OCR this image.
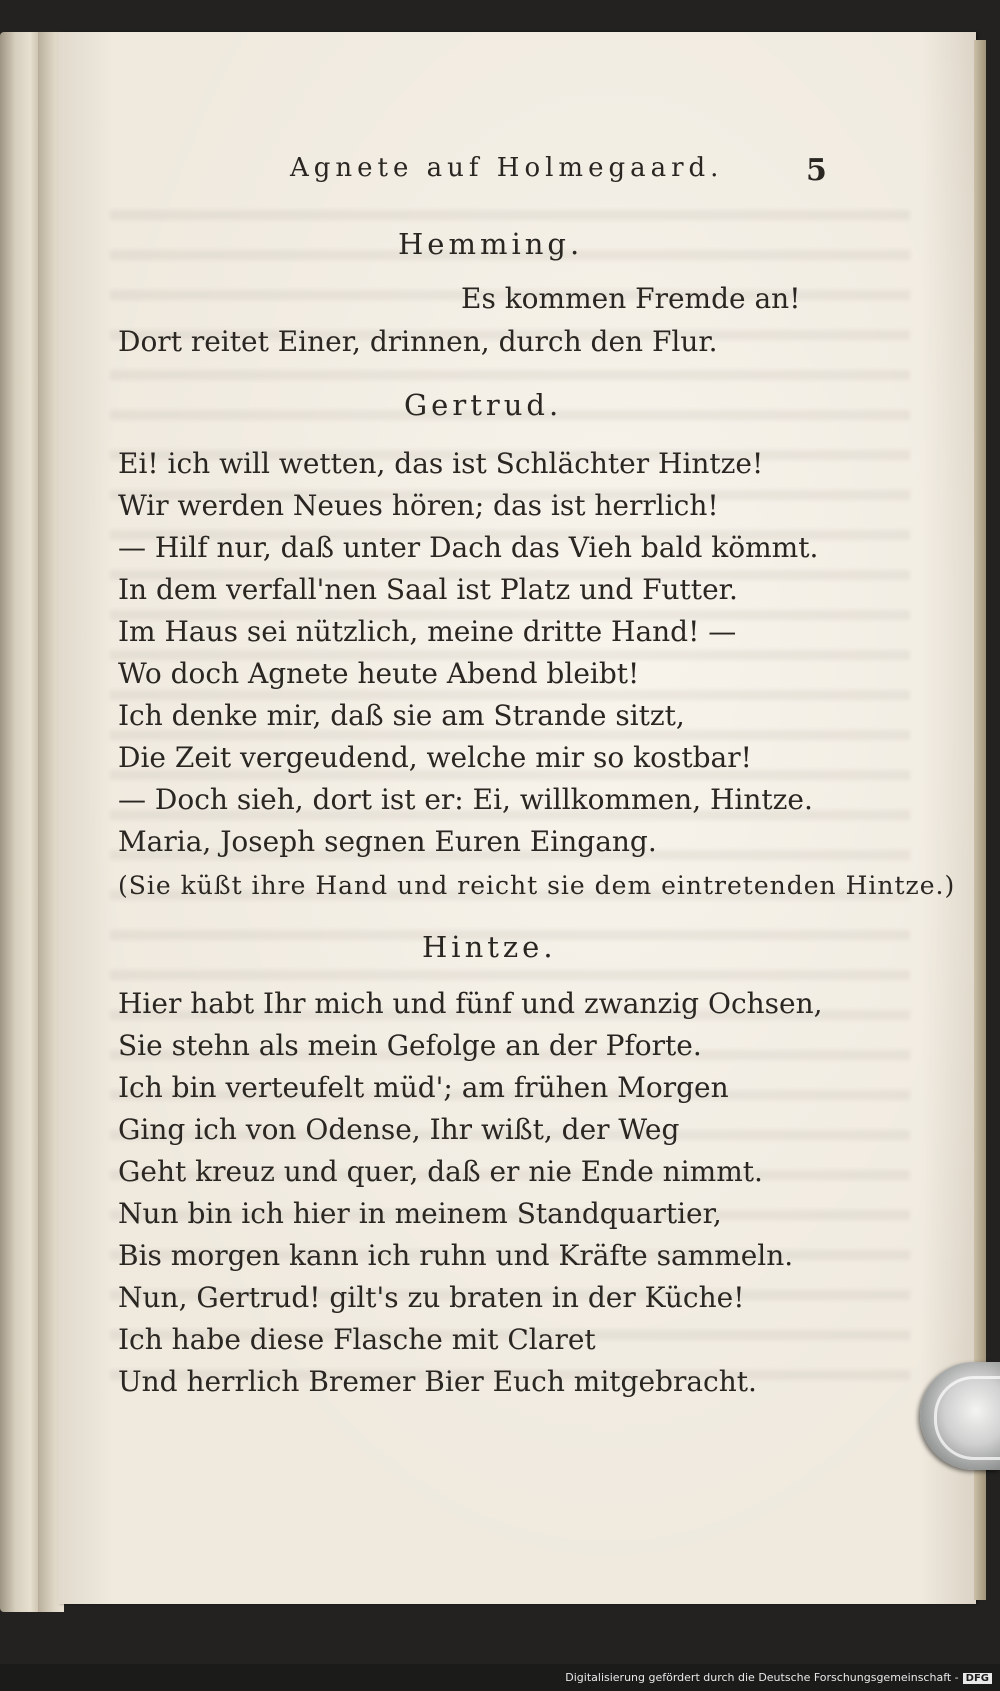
Agnete auf Holmegaard.	5
Hemming.
Es kommen Fremde an!
Dort reitet Einer, drinnen, durch den Flur.
Gertrud.
Ei! ich will wetten, das ist Schlächter Hintze!
Wir werden Neues hören; das ist herrlich!
— Hilf nur, daß unter Dach das Vieh bald kömmt.
In dem verfall'nen Saal ist Platz und Futter.
Im Haus sei nützlich, meine dritte Hand! —
Wo doch Agnete heute Abend bleibt!
Ich denke mir, daß sie am Strande sitzt,
Die Zeit vergeudend, welche mir so kostbar!
— Doch sieh, dort ist er: Ei, willkommen, Hintze.
Maria, Joseph segnen Euren Eingang.
(Sie küßt ihre Hand und reicht sie dem eintretenden Hintze.)
Hintze.
Hier habt Ihr mich und fünf und zwanzig Ochsen,
Sie stehn als mein Gefolge an der Pforte.
Ich bin verteufelt müd'; am frühen Morgen
Ging ich von Odense, Ihr wißt, der Weg
Geht kreuz und quer, daß er nie Ende nimmt.
Nun bin ich hier in meinem Standquartier,
Bis morgen kann ich ruhn und Kräfte sammeln.
Nun, Gertrud! gilt's zu braten in der Küche!
Ich habe diese Flasche mit Claret
Und herrlich Bremer Bier Euch mitgebracht.
Digitalisierung gefördert durch die Deutsche Forschungsgemeinschaft - DFG
